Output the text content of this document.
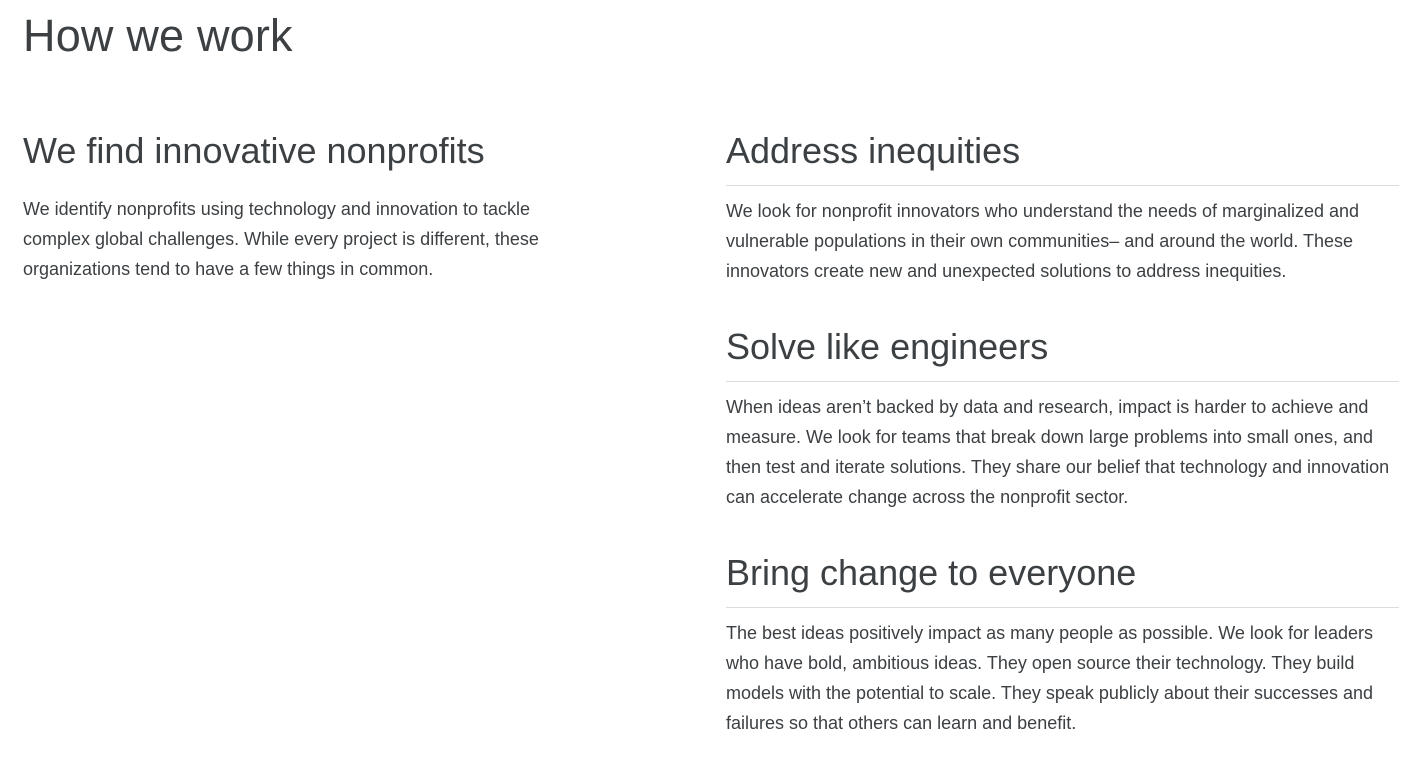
How we work
We find innovative nonprofits

We identify nonprofits using technology and innovation to tackle complex global challenges. While every project is different, these organizations tend to have a few things in common.

Address inequities

We look for nonprofit innovators who understand the needs of marginalized and vulnerable populations in their own communities– and around the world. These innovators create new and unexpected solutions to address inequities.

Solve like engineers

When ideas aren’t backed by data and research, impact is harder to achieve and measure. We look for teams that break down large problems into small ones, and then test and iterate solutions. They share our belief that technology and innovation can accelerate change across the nonprofit sector.

Bring change to everyone

The best ideas positively impact as many people as possible. We look for leaders who have bold, ambitious ideas. They open source their technology. They build models with the potential to scale. They speak publicly about their successes and failures so that others can learn and benefit.
